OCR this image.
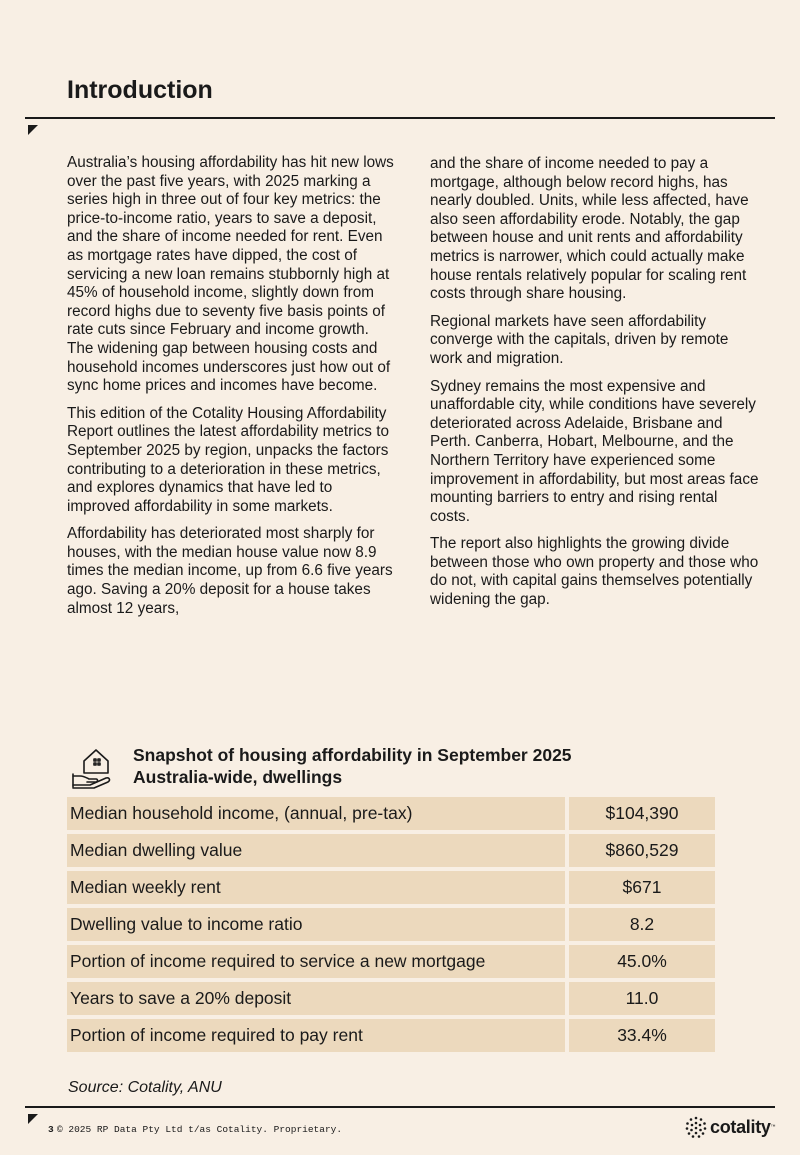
Introduction

Australia’s housing affordability has hit new lows over the past five years, with 2025 marking a series high in three out of four key metrics: the price-to-income ratio, years to save a deposit, and the share of income needed for rent. Even as mortgage rates have dipped, the cost of servicing a new loan remains stubbornly high at 45% of household income, slightly down from record highs due to seventy five basis points of rate cuts since February and income growth. The widening gap between housing costs and household incomes underscores just how out of sync home prices and incomes have become.

This edition of the Cotality Housing Affordability Report outlines the latest affordability metrics to September 2025 by region, unpacks the factors contributing to a deterioration in these metrics, and explores dynamics that have led to improved affordability in some markets.

Affordability has deteriorated most sharply for houses, with the median house value now 8.9 times the median income, up from 6.6 five years ago. Saving a 20% deposit for a house takes almost 12 years,

and the share of income needed to pay a mortgage, although below record highs, has nearly doubled. Units, while less affected, have also seen affordability erode. Notably, the gap between house and unit rents and affordability metrics is narrower, which could actually make house rentals relatively popular for scaling rent costs through share housing.

Regional markets have seen affordability converge with the capitals, driven by remote work and migration.

Sydney remains the most expensive and unaffordable city, while conditions have severely deteriorated across Adelaide, Brisbane and Perth. Canberra, Hobart, Melbourne, and the Northern Territory have experienced some improvement in affordability, but most areas face mounting barriers to entry and rising rental costs.

The report also highlights the growing divide between those who own property and those who do not, with capital gains themselves potentially widening the gap.

Snapshot of housing affordability in September 2025
Australia-wide, dwellings
Median household income, (annual, pre-tax)	$104,390
Median dwelling value	$860,529
Median weekly rent	$671
Dwelling value to income ratio	8.2
Portion of income required to service a new mortgage	45.0%
Years to save a 20% deposit	11.0
Portion of income required to pay rent	33.4%
Source: Cotality, ANU
3 © 2025 RP Data Pty Ltd t/as Cotality. Proprietary.	cotality ™
